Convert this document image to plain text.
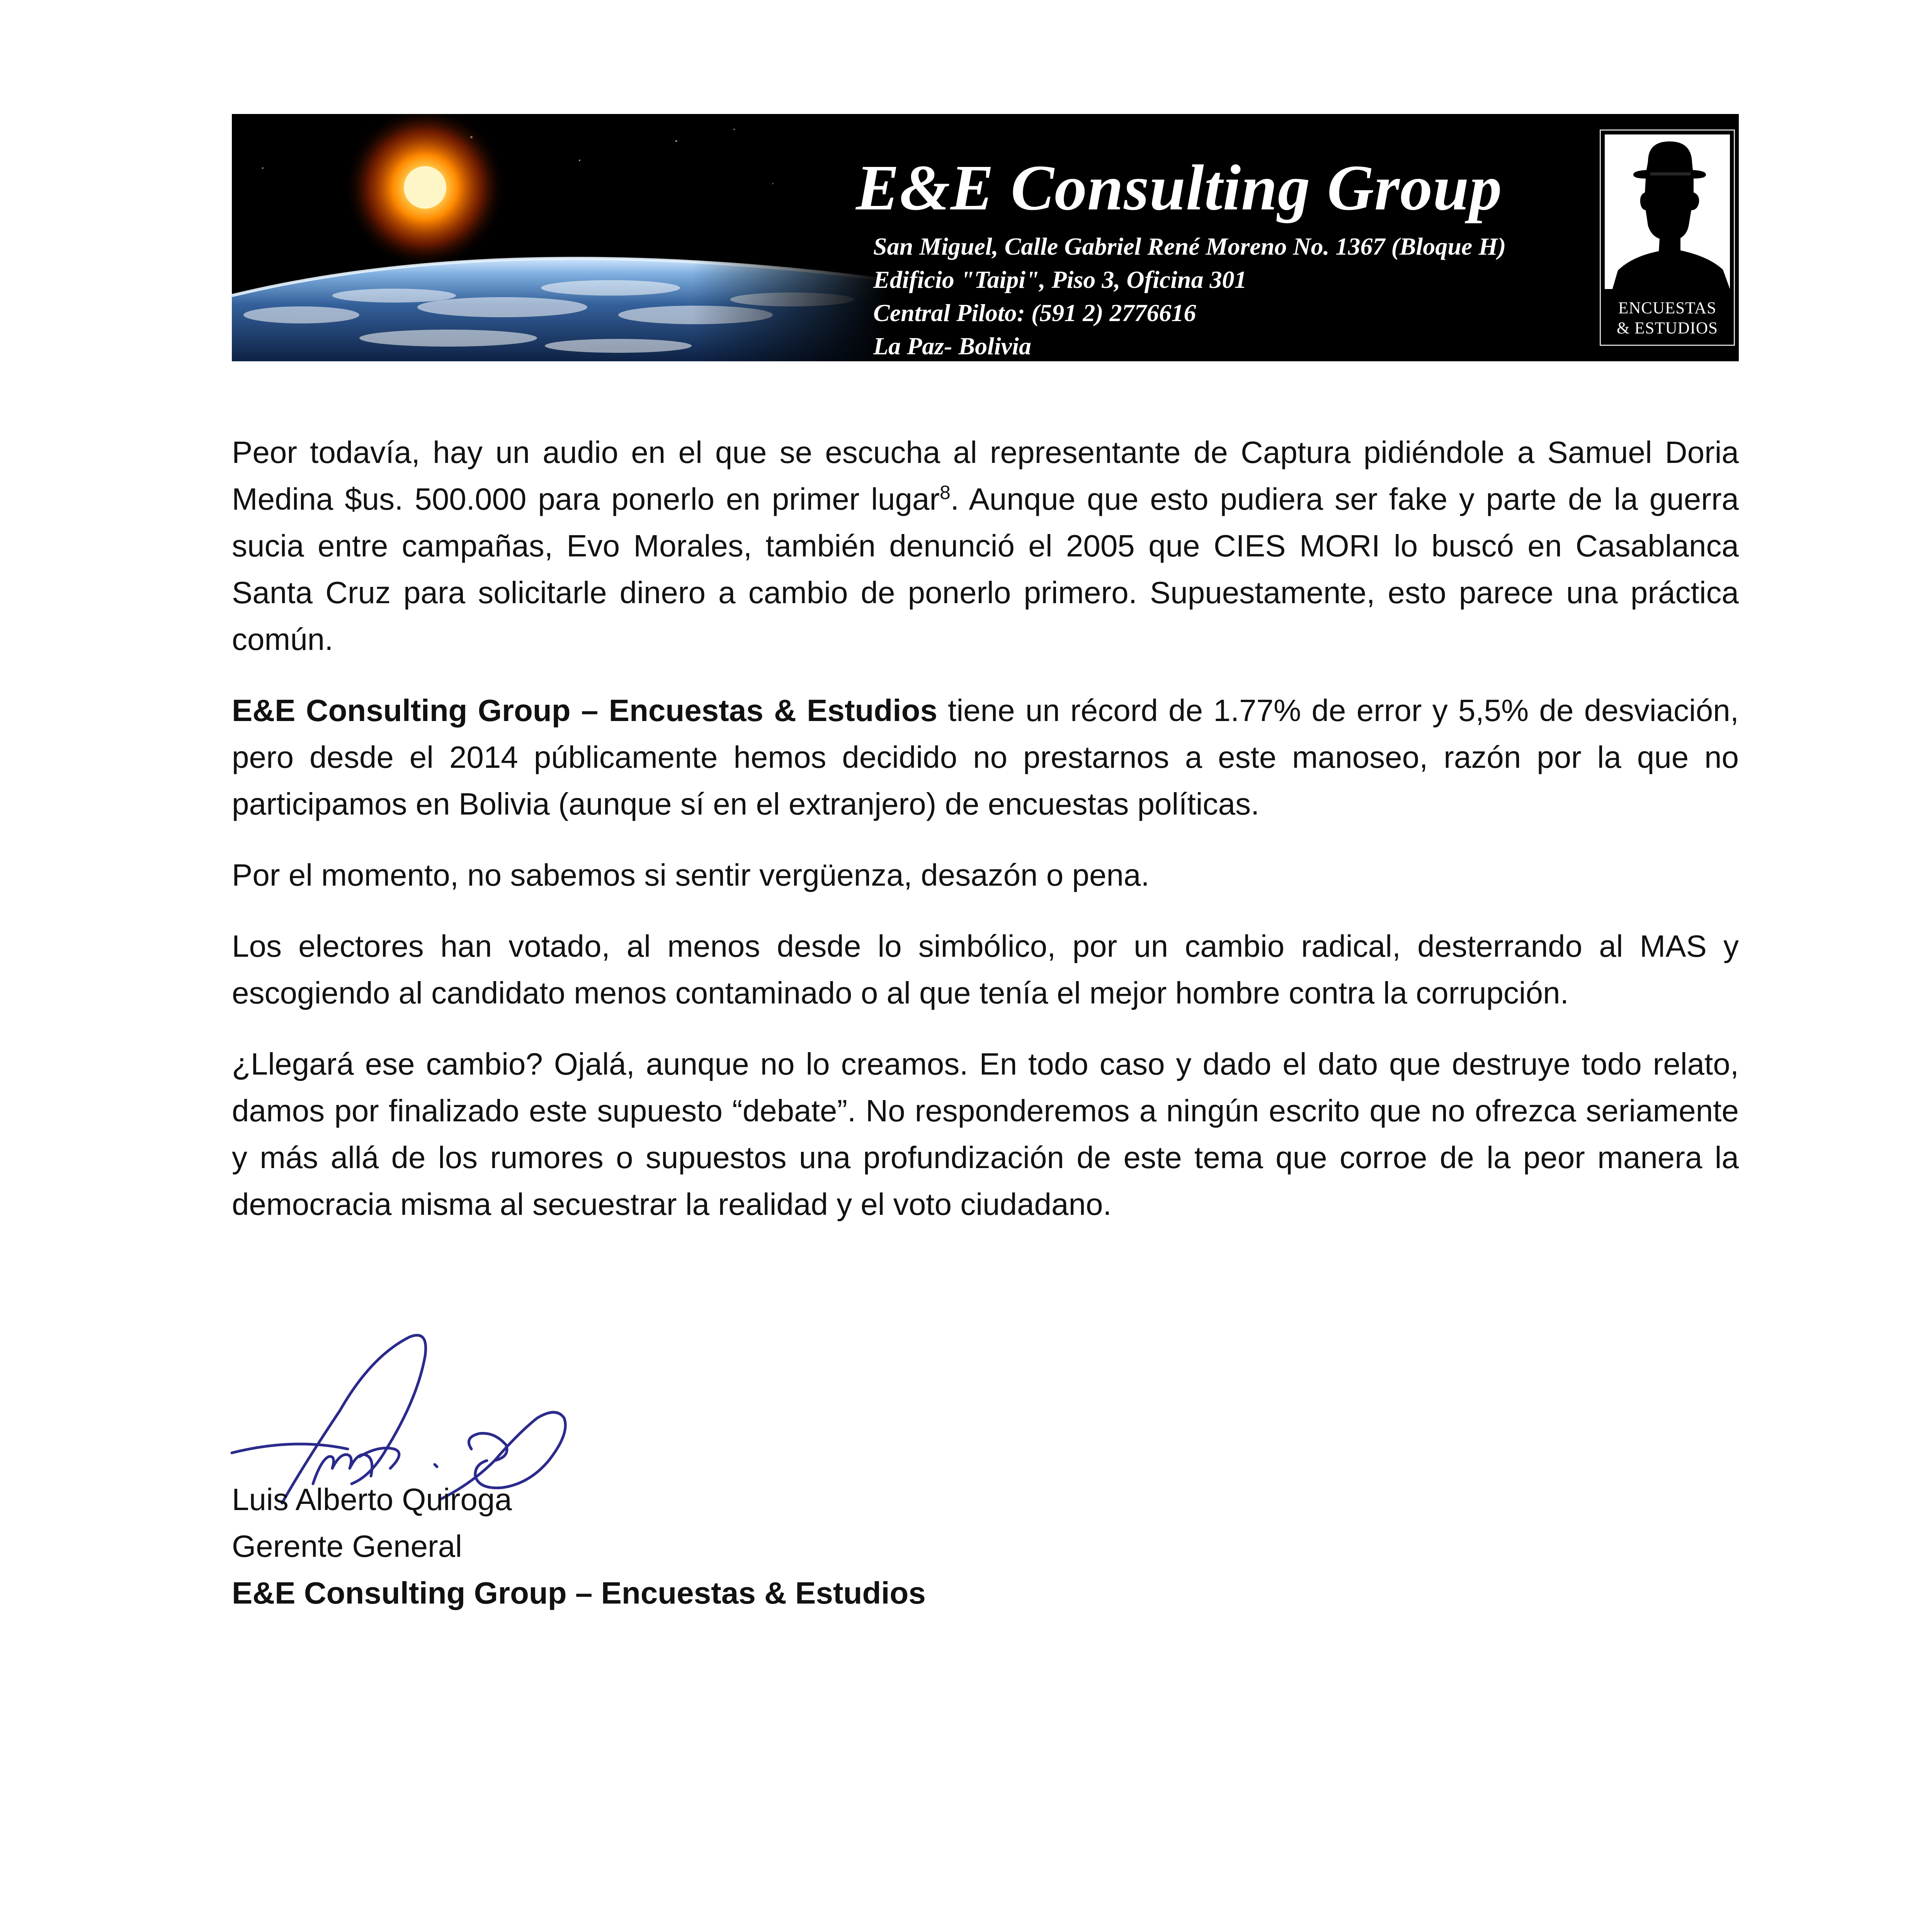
E&E Consulting Group
San Miguel, Calle Gabriel René Moreno No. 1367 (Bloque H)
Edificio "Taipi", Piso 3, Oficina 301
Central Piloto: (591 2) 2776616
La Paz- Bolivia
ENCUESTAS
& ESTUDIOS

Peor todavía, hay un audio en el que se escucha al representante de Captura pidiéndole a Samuel Doria Medina $us. 500.000 para ponerlo en primer lugar$^8$. Aunque que esto pudiera ser fake y parte de la guerra sucia entre campañas, Evo Morales, también denunció el 2005 que CIES MORI lo buscó en Casablanca Santa Cruz para solicitarle dinero a cambio de ponerlo primero. Supuestamente, esto parece una práctica común.

E&E Consulting Group – Encuestas & Estudios tiene un récord de 1.77% de error y 5,5% de desviación, pero desde el 2014 públicamente hemos decidido no prestarnos a este manoseo, razón por la que no participamos en Bolivia (aunque sí en el extranjero) de encuestas políticas.

Por el momento, no sabemos si sentir vergüenza, desazón o pena.

Los electores han votado, al menos desde lo simbólico, por un cambio radical, desterrando al MAS y escogiendo al candidato menos contaminado o al que tenía el mejor hombre contra la corrupción.

¿Llegará ese cambio? Ojalá, aunque no lo creamos. En todo caso y dado el dato que destruye todo relato, damos por finalizado este supuesto “debate”. No responderemos a ningún escrito que no ofrezca seriamente y más allá de los rumores o supuestos una profundización de este tema que corroe de la peor manera la democracia misma al secuestrar la realidad y el voto ciudadano.

Luis Alberto Quiroga
Gerente General
E&E Consulting Group – Encuestas & Estudios
